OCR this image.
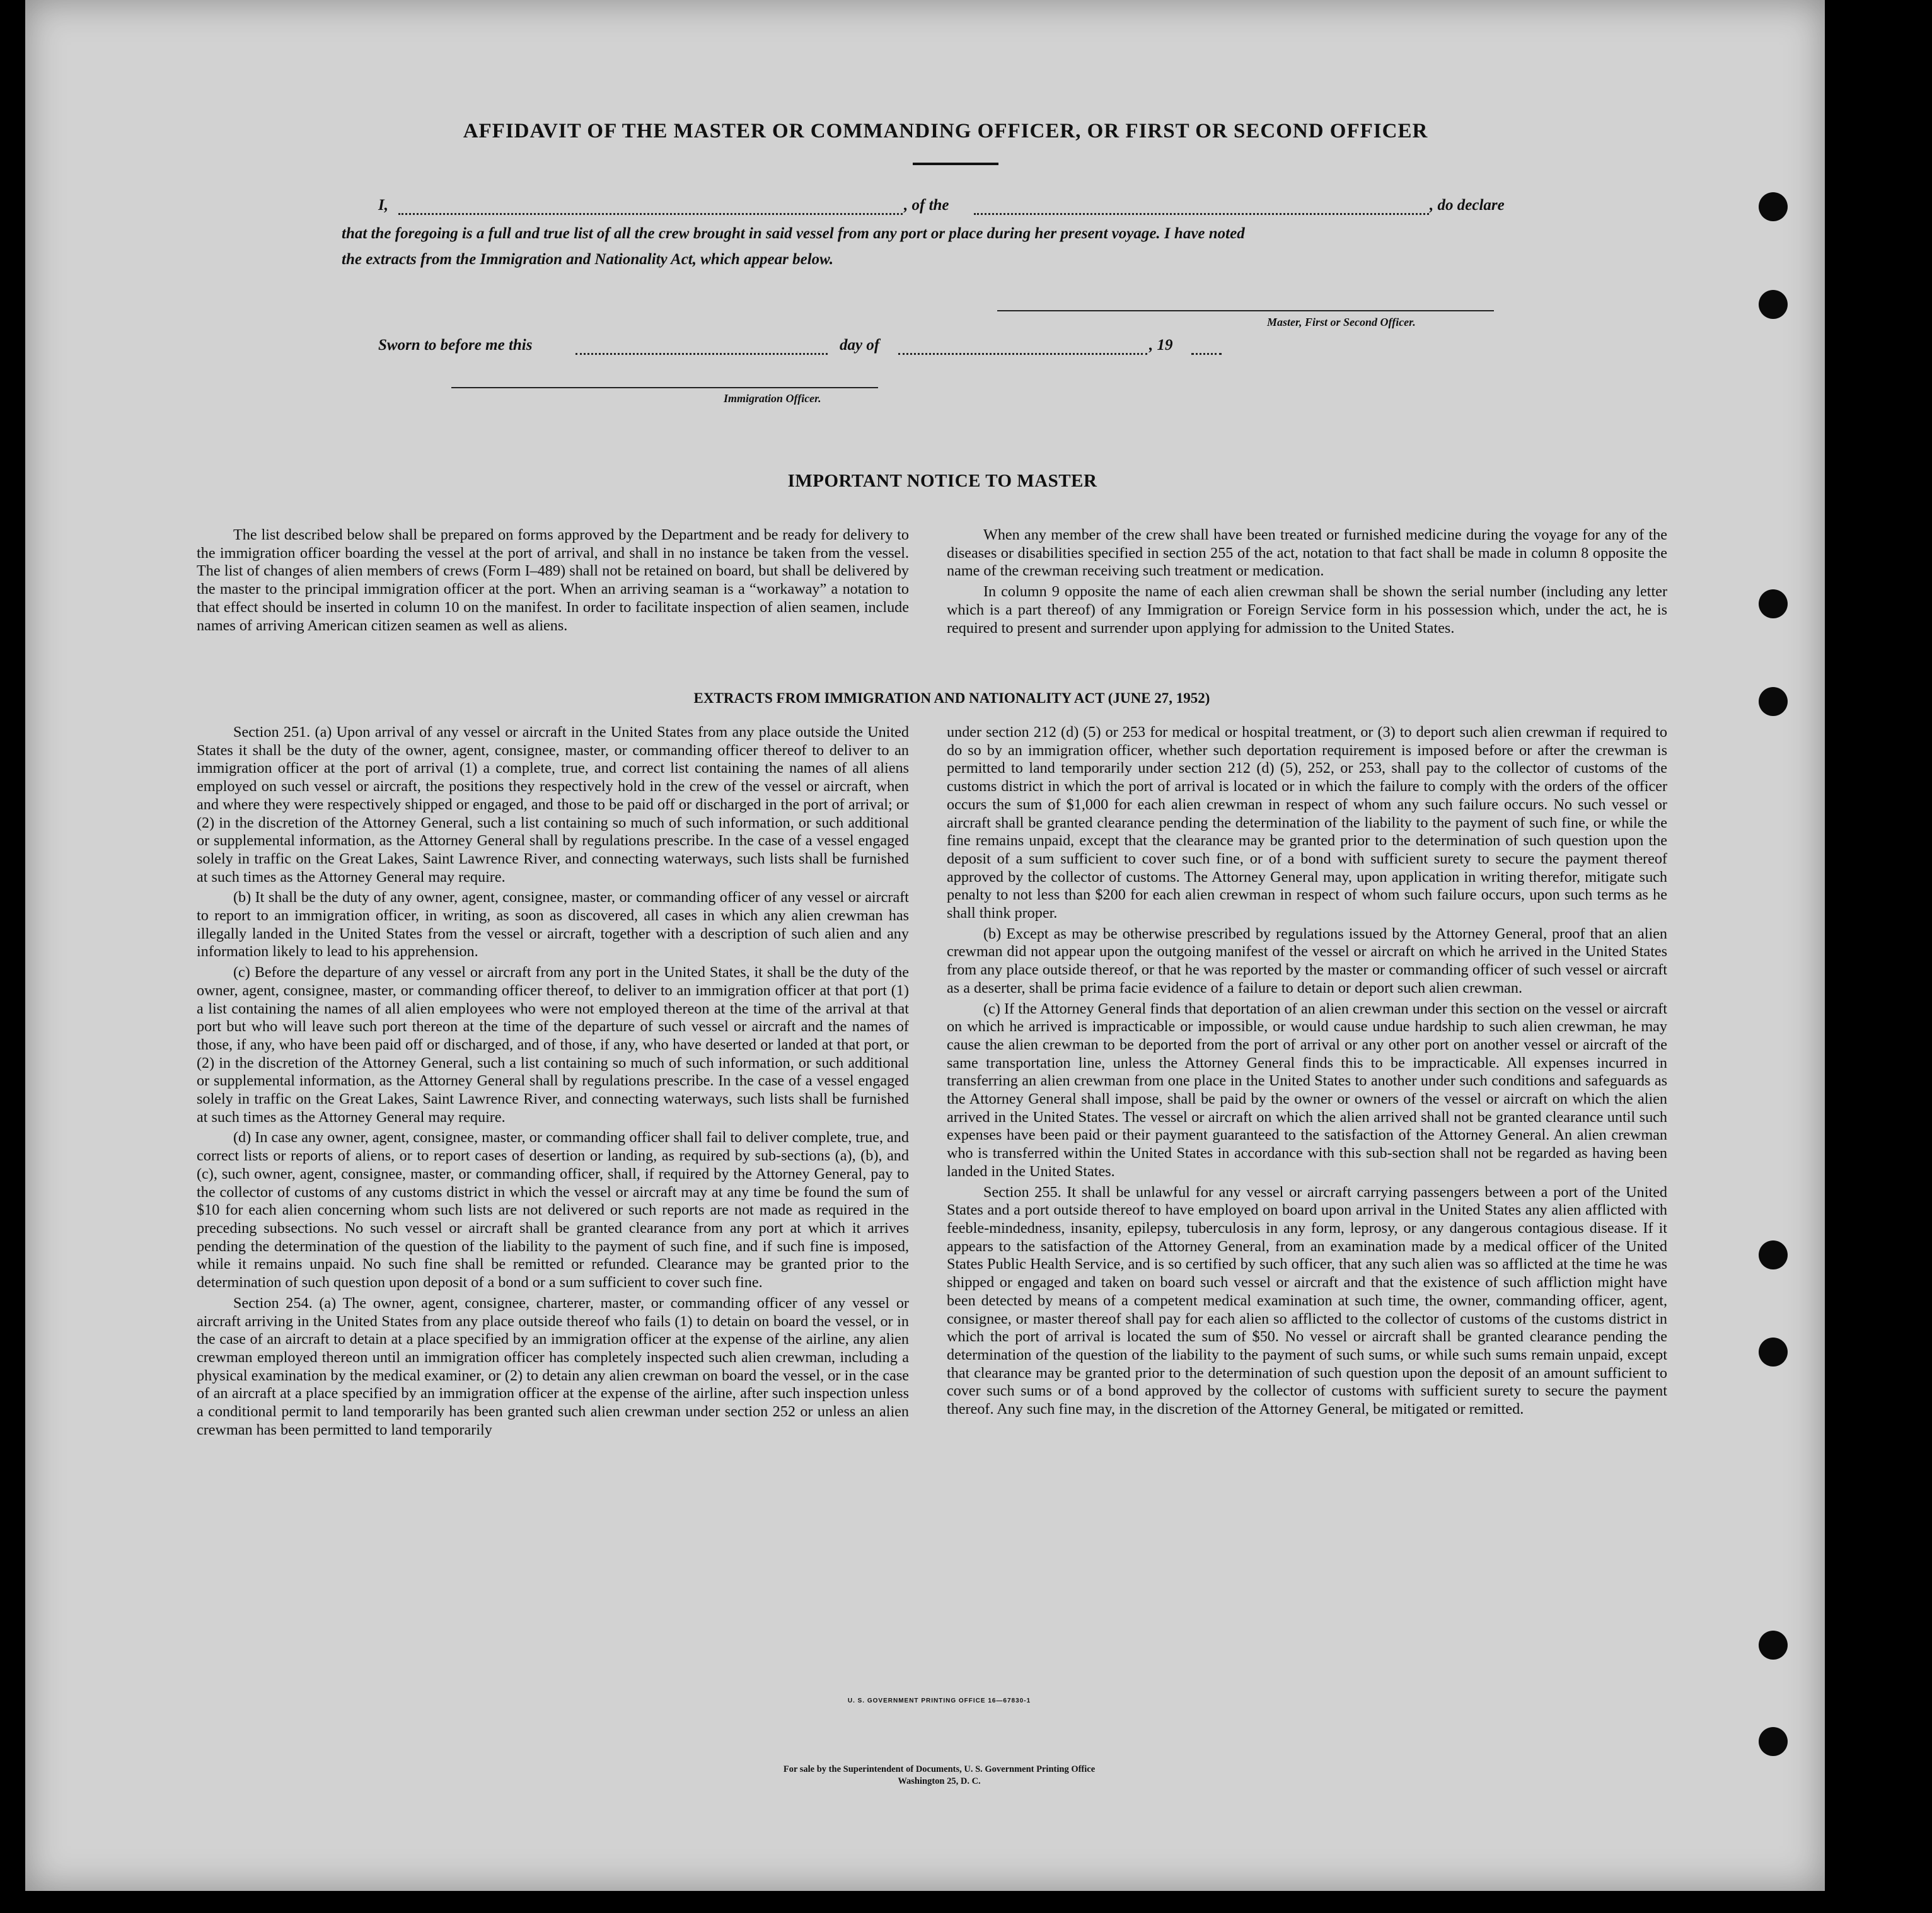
AFFIDAVIT OF THE MASTER OR COMMANDING OFFICER, OR FIRST OR SECOND OFFICER
I,	, of the	, do declare
that the foregoing is a full and true list of all the crew brought in said vessel from any port or place during her present voyage. I have noted
the extracts from the Immigration and Nationality Act, which appear below.
Master, First or Second Officer.
Sworn to before me this	day of	, 19
Immigration Officer.
IMPORTANT NOTICE TO MASTER

The list described below shall be prepared on forms approved by the Department and be ready for delivery to the immigration officer boarding the vessel at the port of arrival, and shall in no instance be taken from the vessel. The list of changes of alien members of crews (Form I–489) shall not be retained on board, but shall be delivered by the master to the principal immigration officer at the port. When an arriving seaman is a “workaway” a notation to that effect should be inserted in column 10 on the manifest. In order to facilitate inspection of alien seamen, include names of arriving American citizen seamen as well as aliens.

When any member of the crew shall have been treated or furnished medicine during the voyage for any of the diseases or disabilities specified in section 255 of the act, notation to that fact shall be made in column 8 opposite the name of the crewman receiving such treatment or medication.

In column 9 opposite the name of each alien crewman shall be shown the serial number (including any letter which is a part thereof) of any Immigration or Foreign Service form in his possession which, under the act, he is required to present and surrender upon applying for admission to the United States.

EXTRACTS FROM IMMIGRATION AND NATIONALITY ACT (JUNE 27, 1952)

Section 251. (a) Upon arrival of any vessel or aircraft in the United States from any place outside the United States it shall be the duty of the owner, agent, consignee, master, or commanding officer thereof to deliver to an immigration officer at the port of arrival (1) a complete, true, and correct list containing the names of all aliens employed on such vessel or aircraft, the positions they respectively hold in the crew of the vessel or aircraft, when and where they were respectively shipped or engaged, and those to be paid off or discharged in the port of arrival; or (2) in the discretion of the Attorney General, such a list containing so much of such information, or such additional or supplemental information, as the Attorney General shall by regulations prescribe. In the case of a vessel engaged solely in traffic on the Great Lakes, Saint Lawrence River, and connecting waterways, such lists shall be furnished at such times as the Attorney General may require.

(b) It shall be the duty of any owner, agent, consignee, master, or commanding officer of any vessel or aircraft to report to an immigration officer, in writing, as soon as discovered, all cases in which any alien crewman has illegally landed in the United States from the vessel or aircraft, together with a description of such alien and any information likely to lead to his apprehension.

(c) Before the departure of any vessel or aircraft from any port in the United States, it shall be the duty of the owner, agent, consignee, master, or commanding officer thereof, to deliver to an immigration officer at that port (1) a list containing the names of all alien employees who were not employed thereon at the time of the arrival at that port but who will leave such port thereon at the time of the departure of such vessel or aircraft and the names of those, if any, who have been paid off or discharged, and of those, if any, who have deserted or landed at that port, or (2) in the discretion of the Attorney General, such a list containing so much of such information, or such additional or supplemental information, as the Attorney General shall by regulations prescribe. In the case of a vessel engaged solely in traffic on the Great Lakes, Saint Lawrence River, and connecting waterways, such lists shall be furnished at such times as the Attorney General may require.

(d) In case any owner, agent, consignee, master, or commanding officer shall fail to deliver complete, true, and correct lists or reports of aliens, or to report cases of desertion or landing, as required by sub-sections (a), (b), and (c), such owner, agent, consignee, master, or commanding officer, shall, if required by the Attorney General, pay to the collector of customs of any customs district in which the vessel or aircraft may at any time be found the sum of $10 for each alien concerning whom such lists are not delivered or such reports are not made as required in the preceding subsections. No such vessel or aircraft shall be granted clearance from any port at which it arrives pending the determination of the question of the liability to the payment of such fine, and if such fine is imposed, while it remains unpaid. No such fine shall be remitted or refunded. Clearance may be granted prior to the determination of such question upon deposit of a bond or a sum sufficient to cover such fine.

Section 254. (a) The owner, agent, consignee, charterer, master, or commanding officer of any vessel or aircraft arriving in the United States from any place outside thereof who fails (1) to detain on board the vessel, or in the case of an aircraft to detain at a place specified by an immigration officer at the expense of the airline, any alien crewman employed thereon until an immigration officer has completely inspected such alien crewman, including a physical examination by the medical examiner, or (2) to detain any alien crewman on board the vessel, or in the case of an aircraft at a place specified by an immigration officer at the expense of the airline, after such inspection unless a conditional permit to land temporarily has been granted such alien crewman under section 252 or unless an alien crewman has been permitted to land temporarily

under section 212 (d) (5) or 253 for medical or hospital treatment, or (3) to deport such alien crewman if required to do so by an immigration officer, whether such deportation requirement is imposed before or after the crewman is permitted to land temporarily under section 212 (d) (5), 252, or 253, shall pay to the collector of customs of the customs district in which the port of arrival is located or in which the failure to comply with the orders of the officer occurs the sum of $1,000 for each alien crewman in respect of whom any such failure occurs. No such vessel or aircraft shall be granted clearance pending the determination of the liability to the payment of such fine, or while the fine remains unpaid, except that the clearance may be granted prior to the determination of such question upon the deposit of a sum sufficient to cover such fine, or of a bond with sufficient surety to secure the payment thereof approved by the collector of customs. The Attorney General may, upon application in writing therefor, mitigate such penalty to not less than $200 for each alien crewman in respect of whom such failure occurs, upon such terms as he shall think proper.

(b) Except as may be otherwise prescribed by regulations issued by the Attorney General, proof that an alien crewman did not appear upon the outgoing manifest of the vessel or aircraft on which he arrived in the United States from any place outside thereof, or that he was reported by the master or commanding officer of such vessel or aircraft as a deserter, shall be prima facie evidence of a failure to detain or deport such alien crewman.

(c) If the Attorney General finds that deportation of an alien crewman under this section on the vessel or aircraft on which he arrived is impracticable or impossible, or would cause undue hardship to such alien crewman, he may cause the alien crewman to be deported from the port of arrival or any other port on another vessel or aircraft of the same transportation line, unless the Attorney General finds this to be impracticable. All expenses incurred in transferring an alien crewman from one place in the United States to another under such conditions and safeguards as the Attorney General shall impose, shall be paid by the owner or owners of the vessel or aircraft on which the alien arrived in the United States. The vessel or aircraft on which the alien arrived shall not be granted clearance until such expenses have been paid or their payment guaranteed to the satisfaction of the Attorney General. An alien crewman who is transferred within the United States in accordance with this sub-section shall not be regarded as having been landed in the United States.

Section 255. It shall be unlawful for any vessel or aircraft carrying passengers between a port of the United States and a port outside thereof to have employed on board upon arrival in the United States any alien afflicted with feeble-mindedness, insanity, epilepsy, tuberculosis in any form, leprosy, or any dangerous contagious disease. If it appears to the satisfaction of the Attorney General, from an examination made by a medical officer of the United States Public Health Service, and is so certified by such officer, that any such alien was so afflicted at the time he was shipped or engaged and taken on board such vessel or aircraft and that the existence of such affliction might have been detected by means of a competent medical examination at such time, the owner, commanding officer, agent, consignee, or master thereof shall pay for each alien so afflicted to the collector of customs of the customs district in which the port of arrival is located the sum of $50. No vessel or aircraft shall be granted clearance pending the determination of the question of the liability to the payment of such sums, or while such sums remain unpaid, except that clearance may be granted prior to the determination of such question upon the deposit of an amount sufficient to cover such sums or of a bond approved by the collector of customs with sufficient surety to secure the payment thereof. Any such fine may, in the discretion of the Attorney General, be mitigated or remitted.

U. S. GOVERNMENT PRINTING OFFICE 16—67830-1
For sale by the Superintendent of Documents, U. S. Government Printing Office
Washington 25, D. C.
